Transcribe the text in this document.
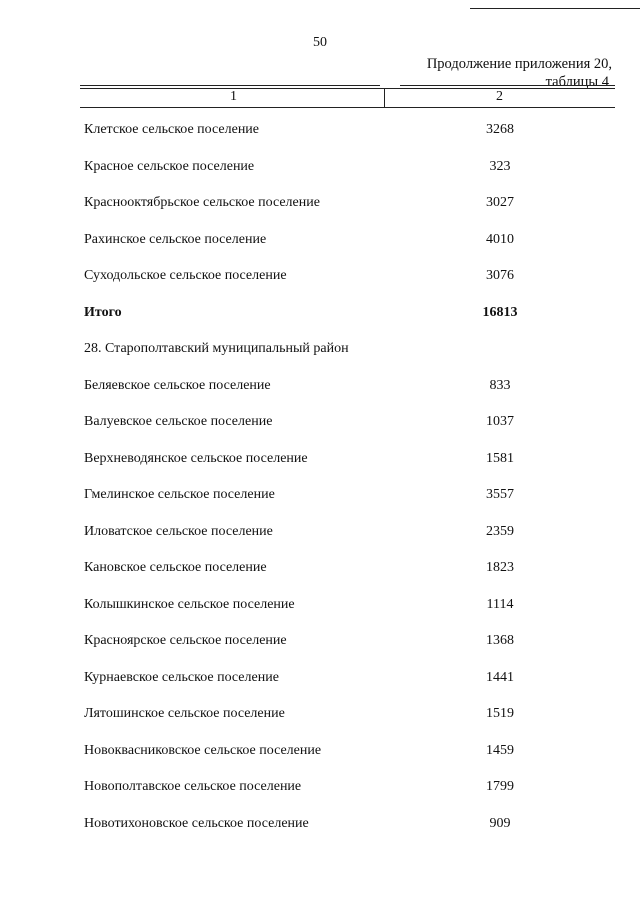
50
Продолжение приложения 20,
таблицы 4
1	2
Клетское сельское поселение	3268
Красное сельское поселение	323
Краснооктябрьское сельское поселение	3027
Рахинское сельское поселение	4010
Суходольское сельское поселение	3076
Итого	16813
28. Старополтавский муниципальный район
Беляевское сельское поселение	833
Валуевское сельское поселение	1037
Верхневодянское сельское поселение	1581
Гмелинское сельское поселение	3557
Иловатское сельское поселение	2359
Кановское сельское поселение	1823
Колышкинское сельское поселение	1114
Красноярское сельское поселение	1368
Курнаевское сельское поселение	1441
Лятошинское сельское поселение	1519
Новоквасниковское сельское поселение	1459
Новополтавское сельское поселение	1799
Новотихоновское сельское поселение	909
